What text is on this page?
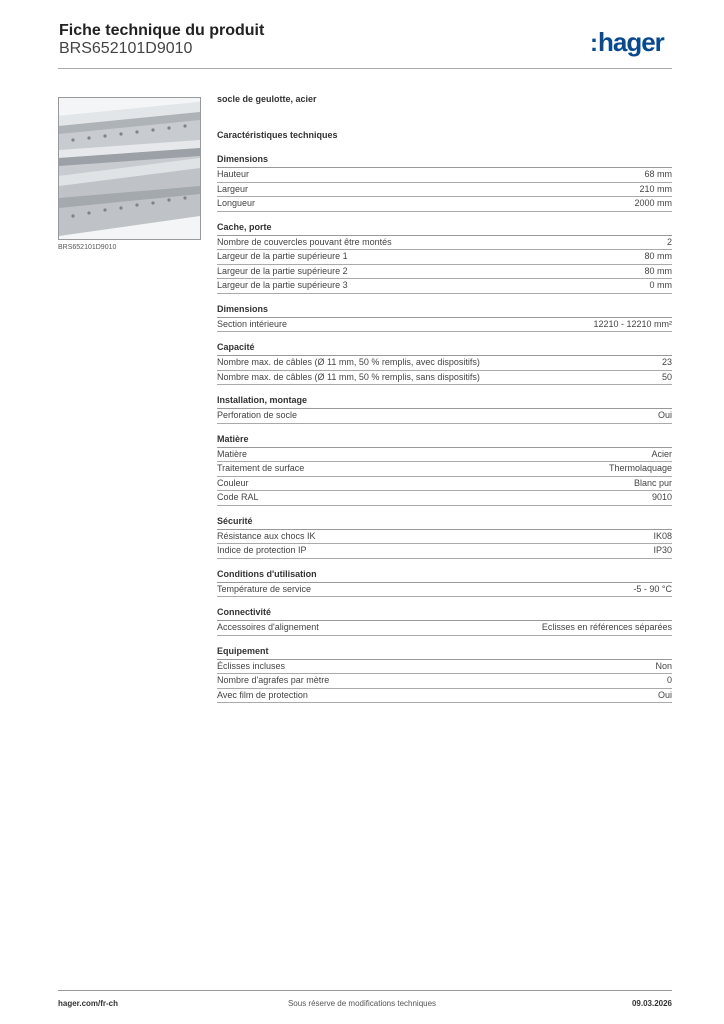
Fiche technique du produit
BRS652101D9010	:hager
BRS652101D9010
socle de geulotte, acier
Caractéristiques techniques
Dimensions
Hauteur	68 mm
Largeur	210 mm
Longueur	2000 mm
Cache, porte
Nombre de couvercles pouvant être montés	2
Largeur de la partie supérieure 1	80 mm
Largeur de la partie supérieure 2	80 mm
Largeur de la partie supérieure 3	0 mm
Dimensions
Section intérieure	12210 - 12210 mm²
Capacité
Nombre max. de câbles (Ø 11 mm, 50 % remplis, avec dispositifs)	23
Nombre max. de câbles (Ø 11 mm, 50 % remplis, sans dispositifs)	50
Installation, montage
Perforation de socle	Oui
Matière
Matière	Acier
Traitement de surface	Thermolaquage
Couleur	Blanc pur
Code RAL	9010
Sécurité
Résistance aux chocs IK	IK08
Indice de protection IP	IP30
Conditions d'utilisation
Température de service	-5 - 90 °C
Connectivité
Accessoires d'alignement	Eclisses en références séparées
Equipement
Éclisses incluses	Non
Nombre d'agrafes par mètre	0
Avec film de protection	Oui
hager.com/fr-ch	Sous réserve de modifications techniques	09.03.2026
